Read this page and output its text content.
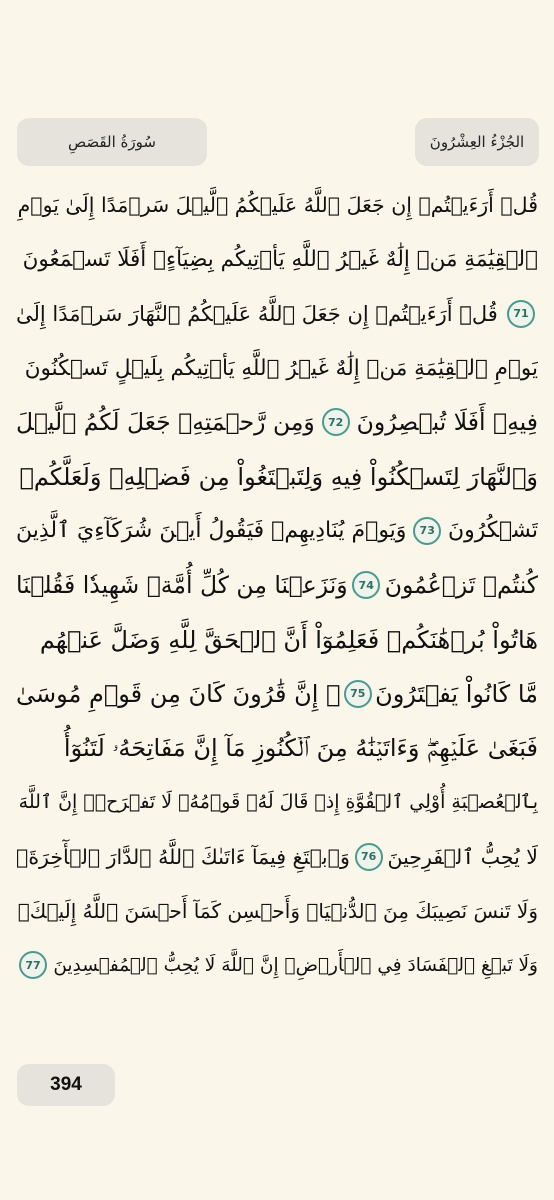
سُورَةُ القَصَصِ	الجُزْءُ العِشْرُونَ
قُلۡ أَرَءَيۡتُمۡ إِن جَعَلَ ٱللَّهُ عَلَيۡكُمُ ٱلَّيۡلَ سَرۡمَدًا إِلَىٰ يَوۡمِ
ٱلۡقِيَٰمَةِ مَنۡ إِلَٰهٌ غَيۡرُ ٱللَّهِ يَأۡتِيكُم بِضِيَآءٍۚ أَفَلَا تَسۡمَعُونَ
71
قُلۡ أَرَءَيۡتُمۡ إِن جَعَلَ ٱللَّهُ عَلَيۡكُمُ ٱلنَّهَارَ سَرۡمَدًا إِلَىٰ
يَوۡمِ ٱلۡقِيَٰمَةِ مَنۡ إِلَٰهٌ غَيۡرُ ٱللَّهِ يَأۡتِيكُم بِلَيۡلٍ تَسۡكُنُونَ
فِيهِۖ أَفَلَا تُبۡصِرُونَ
72
وَمِن رَّحۡمَتِهِۦ جَعَلَ لَكُمُ ٱلَّيۡلَ
وَٱلنَّهَارَ لِتَسۡكُنُواْ فِيهِ وَلِتَبۡتَغُواْ مِن فَضۡلِهِۦ وَلَعَلَّكُمۡ
تَشۡكُرُونَ
73
وَيَوۡمَ يُنَادِيهِمۡ فَيَقُولُ أَيۡنَ شُرَكَآءِيَ ٱلَّذِينَ
كُنتُمۡ تَزۡعُمُونَ
74
وَنَزَعۡنَا مِن كُلِّ أُمَّةٖ شَهِيدٗا فَقُلۡنَا
هَاتُواْ بُرۡهَٰنَكُمۡ فَعَلِمُوٓاْ أَنَّ ٱلۡحَقَّ لِلَّهِ وَضَلَّ عَنۡهُم
مَّا كَانُواْ يَفۡتَرُونَ
75
۞ إِنَّ قَٰرُونَ كَانَ مِن قَوۡمِ مُوسَىٰ
فَبَغَىٰ عَلَيۡهِمۡۖ وَءَاتَيۡنَٰهُ مِنَ ٱلۡكُنُوزِ مَآ إِنَّ مَفَاتِحَهُۥ لَتَنُوٓأُ
بِٱلۡعُصۡبَةِ أُوْلِي ٱلۡقُوَّةِ إِذۡ قَالَ لَهُۥ قَوۡمُهُۥ لَا تَفۡرَحۡۖ إِنَّ ٱللَّهَ
لَا يُحِبُّ ٱلۡفَرِحِينَ
76
وَٱبۡتَغِ فِيمَآ ءَاتَىٰكَ ٱللَّهُ ٱلدَّارَ ٱلۡأٓخِرَةَۖ
وَلَا تَنسَ نَصِيبَكَ مِنَ ٱلدُّنۡيَاۖ وَأَحۡسِن كَمَآ أَحۡسَنَ ٱللَّهُ إِلَيۡكَۖ
وَلَا تَبۡغِ ٱلۡفَسَادَ فِي ٱلۡأَرۡضِۖ إِنَّ ٱللَّهَ لَا يُحِبُّ ٱلۡمُفۡسِدِينَ
77
394
